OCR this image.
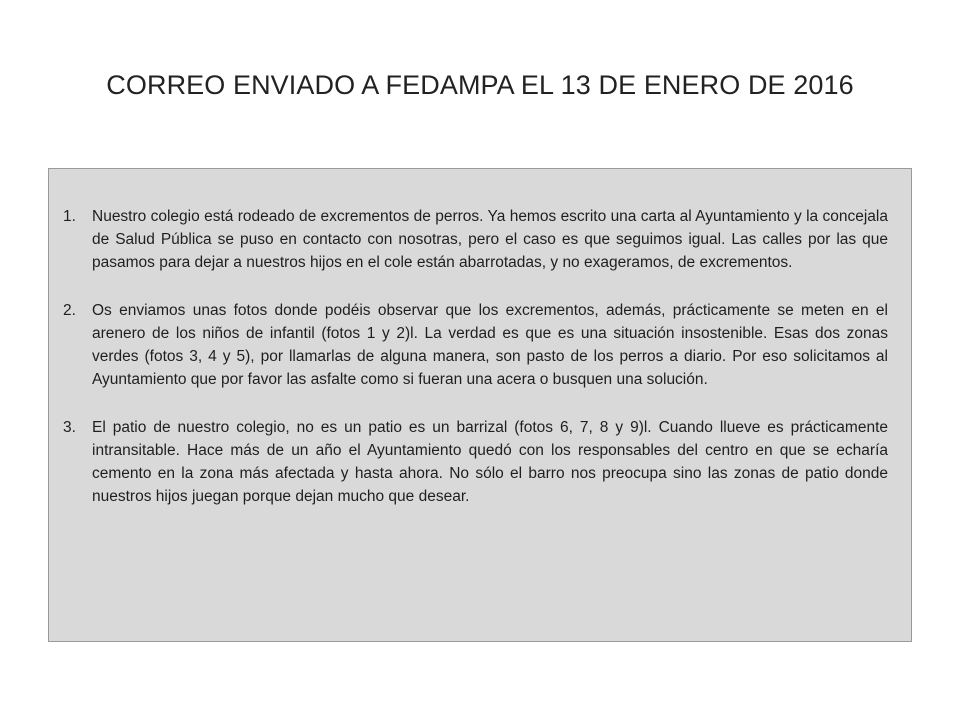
CORREO ENVIADO A FEDAMPA EL 13 DE ENERO DE 2016
1. Nuestro colegio está rodeado de excrementos de perros. Ya hemos escrito una carta al Ayuntamiento y la concejala de Salud Pública se puso en contacto con nosotras, pero el caso es que seguimos igual. Las calles por las que pasamos para dejar a nuestros hijos en el cole están abarrotadas, y no exageramos, de excrementos.
2. Os enviamos unas fotos donde podéis observar que los excrementos, además, prácticamente se meten en el arenero de los niños de infantil (fotos 1 y 2)l. La verdad es que es una situación insostenible. Esas dos zonas verdes (fotos 3, 4 y 5), por llamarlas de alguna manera, son pasto de los perros a diario. Por eso solicitamos al Ayuntamiento que por favor las asfalte como si fueran una acera o busquen una solución.
3. El patio de nuestro colegio, no es un patio es un barrizal (fotos 6, 7, 8 y 9)l. Cuando llueve es prácticamente intransitable. Hace más de un año el Ayuntamiento quedó con los responsables del centro en que se echaría cemento en la zona más afectada y hasta ahora. No sólo el barro nos preocupa sino las zonas de patio donde nuestros hijos juegan porque dejan mucho que desear.
